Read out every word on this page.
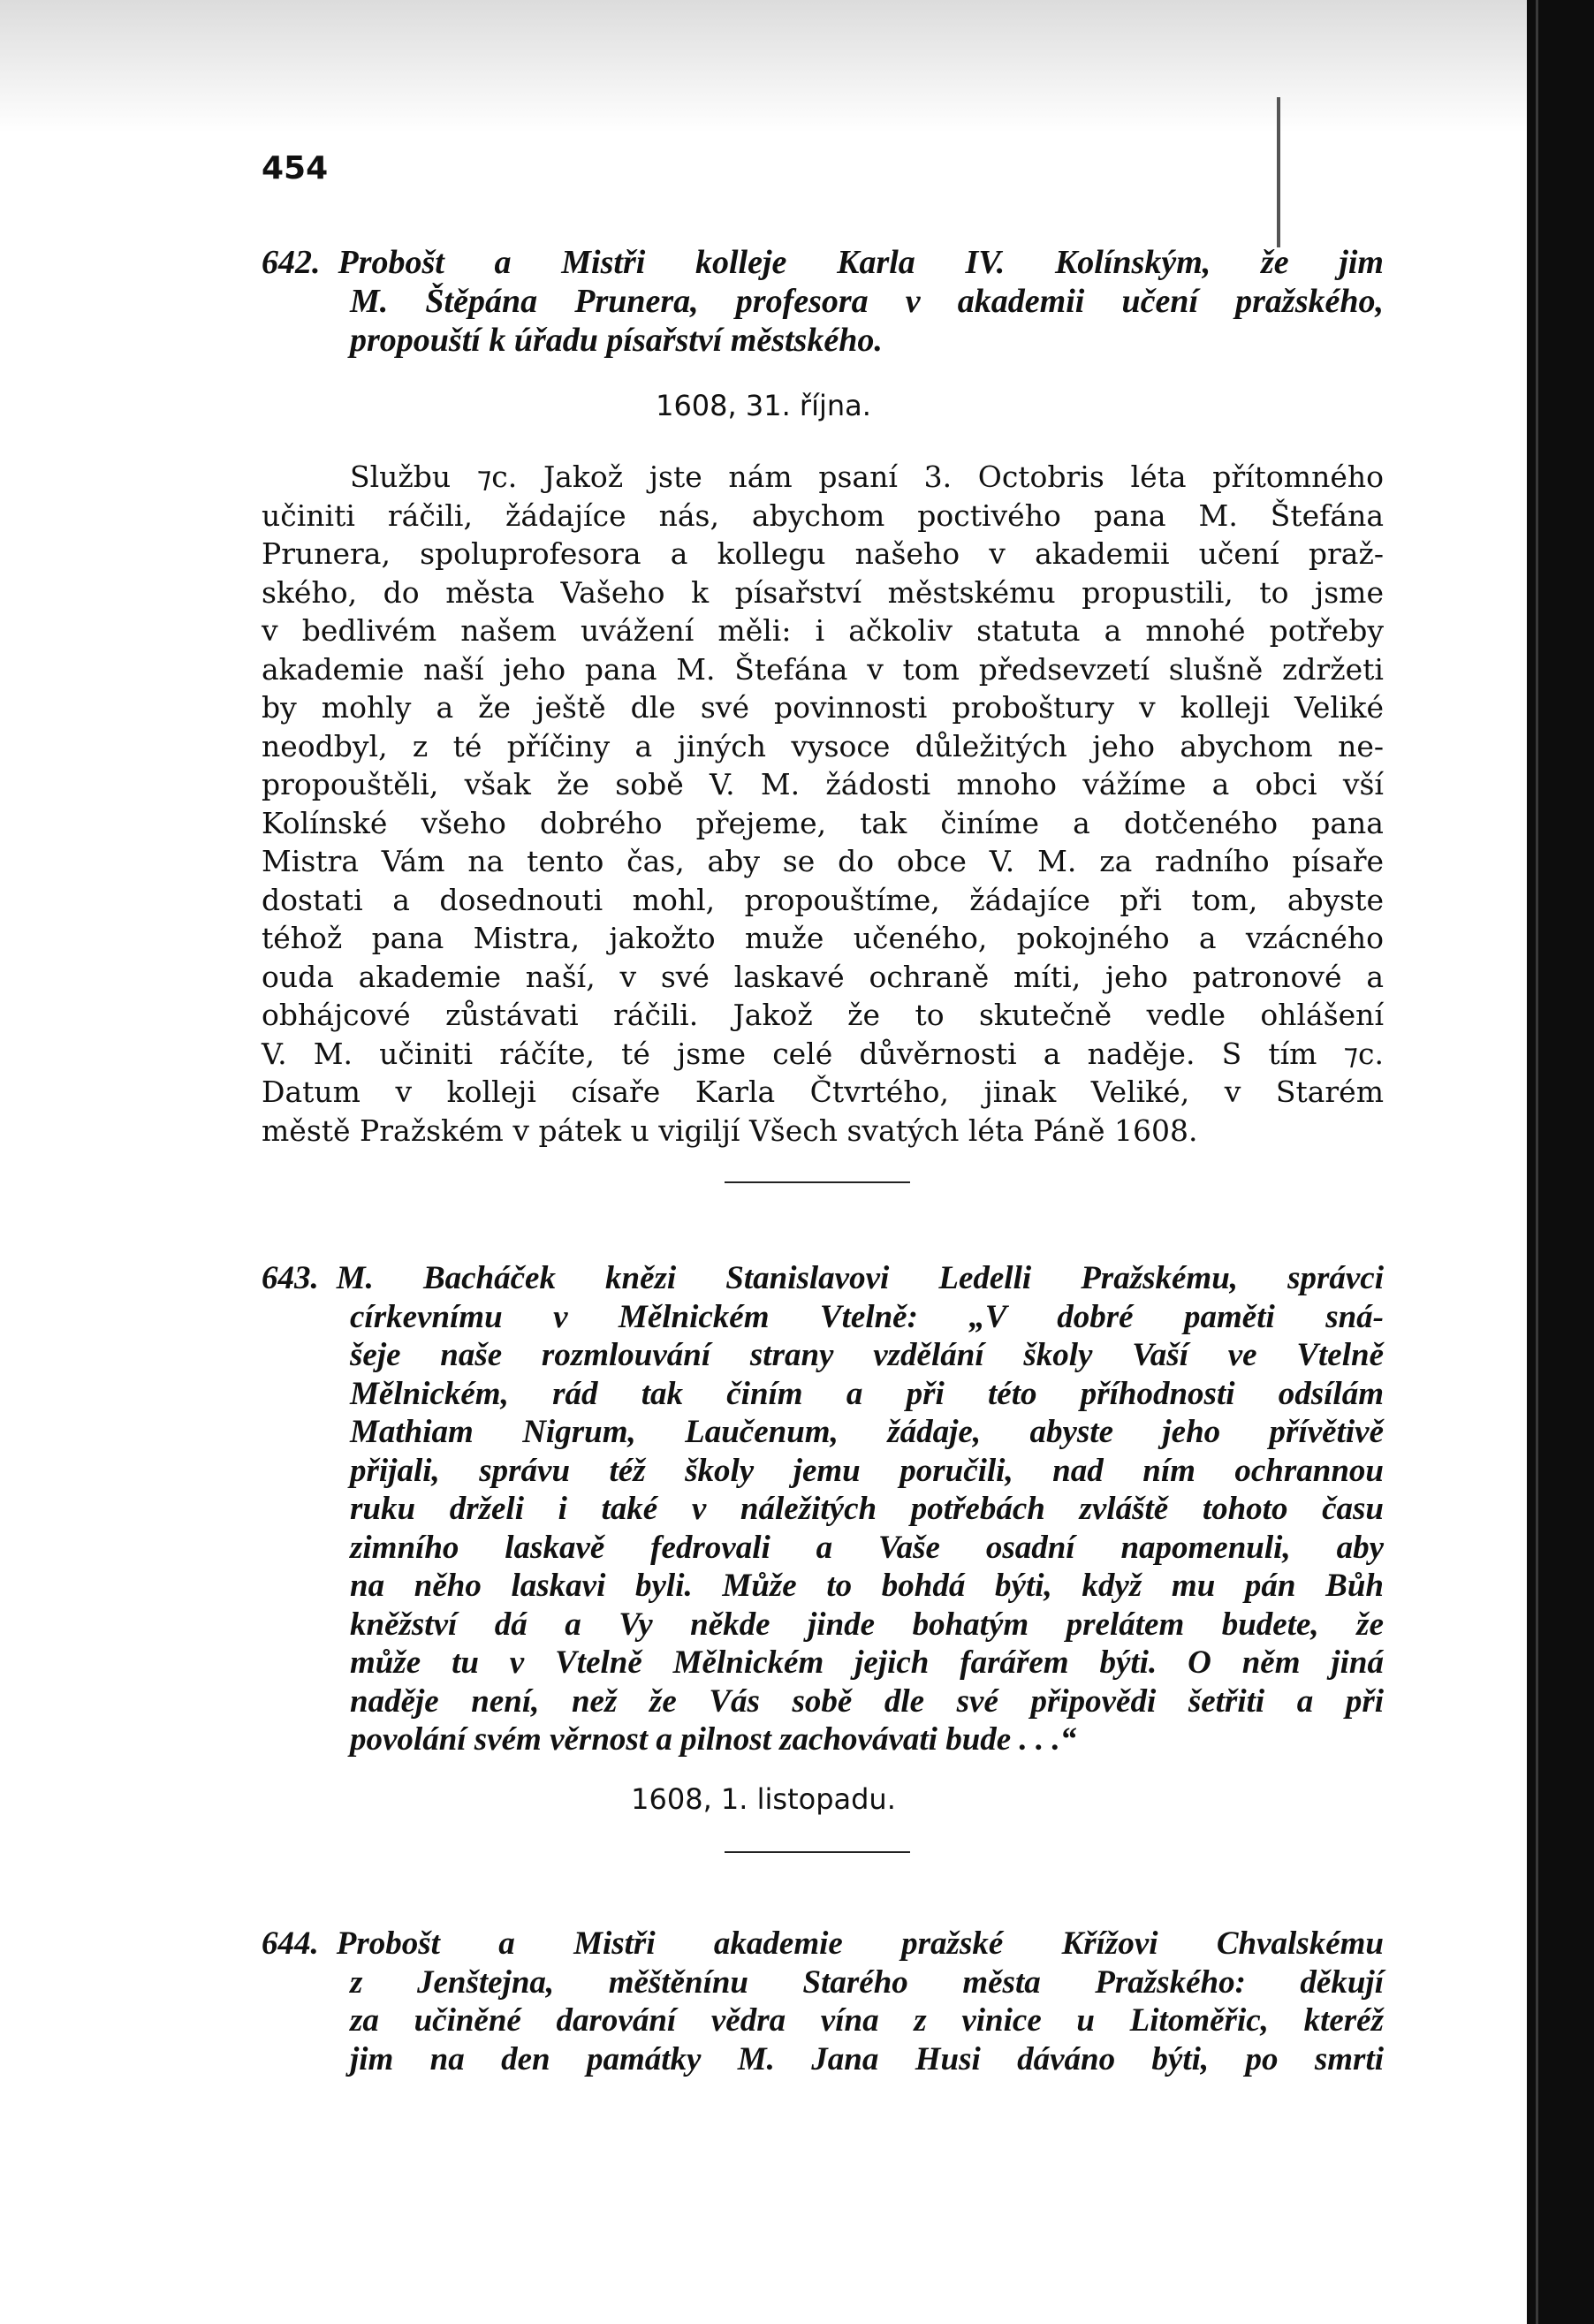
454
642. Probošt a Mistři kolleje Karla IV. Kolínským, že jim
M. Štěpána Prunera, profesora v akademii učení pražského,
propouští k úřadu písařství městského.
1608, 31. října.
Službu ⁊c. Jakož jste nám psaní 3. Octobris léta přítomného
učiniti ráčili, žádajíce nás, abychom poctivého pana M. Štefána
Prunera, spoluprofesora a kollegu našeho v akademii učení praž-
ského, do města Vašeho k písařství městskému propustili, to jsme
v bedlivém našem uvážení měli: i ačkoliv statuta a mnohé potřeby
akademie naší jeho pana M. Štefána v tom předsevzetí slušně zdržeti
by mohly a že ještě dle své povinnosti proboštury v kolleji Veliké
neodbyl, z té příčiny a jiných vysoce důležitých jeho abychom ne-
propouštěli, však že sobě V. M. žádosti mnoho vážíme a obci vší
Kolínské všeho dobrého přejeme, tak činíme a dotčeného pana
Mistra Vám na tento čas, aby se do obce V. M. za radního písaře
dostati a dosednouti mohl, propouštíme, žádajíce při tom, abyste
téhož pana Mistra, jakožto muže učeného, pokojného a vzácného
ouda akademie naší, v své laskavé ochraně míti, jeho patronové a
obhájcové zůstávati ráčili. Jakož že to skutečně vedle ohlášení
V. M. učiniti ráčíte, té jsme celé důvěrnosti a naděje. S tím ⁊c.
Datum v kolleji císaře Karla Čtvrtého, jinak Veliké, v Starém
městě Pražském v pátek u vigiljí Všech svatých léta Páně 1608.
643. M. Bacháček knězi Stanislavovi Ledelli Pražskému, správci
církevnímu v Mělnickém Vtelně: „V dobré paměti sná-
šeje naše rozmlouvání strany vzdělání školy Vaší ve Vtelně
Mělnickém, rád tak činím a při této příhodnosti odsílám
Mathiam Nigrum, Laučenum, žádaje, abyste jeho přívětivě
přijali, správu též školy jemu poručili, nad ním ochrannou
ruku drželi i také v náležitých potřebách zvláště tohoto času
zimního laskavě fedrovali a Vaše osadní napomenuli, aby
na něho laskavi byli. Může to bohdá býti, když mu pán Bůh
kněžství dá a Vy někde jinde bohatým prelátem budete, že
může tu v Vtelně Mělnickém jejich farářem býti. O něm jiná
naděje není, než že Vás sobě dle své připovědi šetřiti a při
povolání svém věrnost a pilnost zachovávati bude . . .“
1608, 1. listopadu.
644. Probošt a Mistři akademie pražské Křížovi Chvalskému
z Jenštejna, měštěnínu Starého města Pražského: děkují
za učiněné darování vědra vína z vinice u Litoměřic, kteréž
jim na den památky M. Jana Husi dáváno býti, po smrti
